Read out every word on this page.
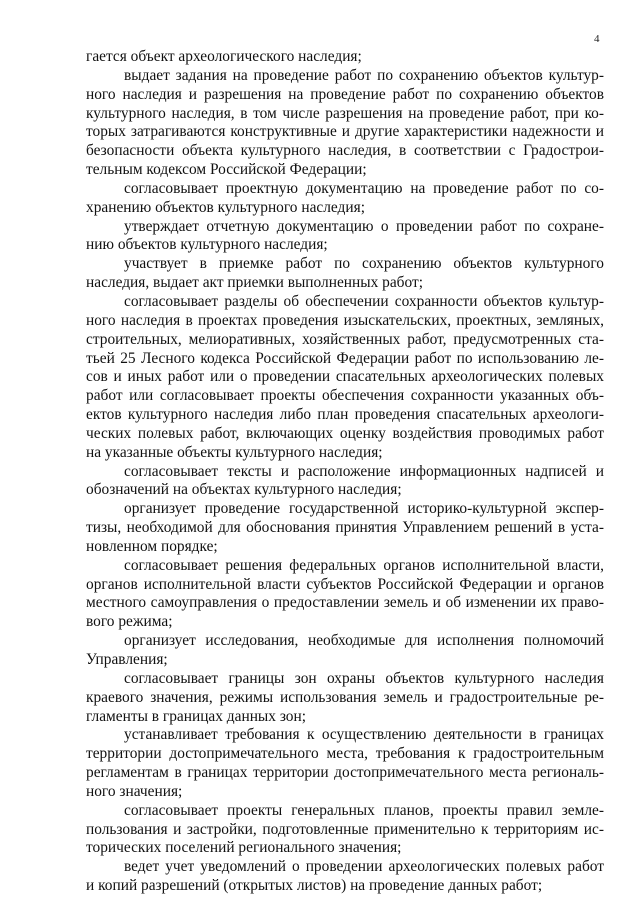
4
гается объект археологического наследия;
выдает задания на проведение работ по сохранению объектов культур-
ного наследия и разрешения на проведение работ по сохранению объектов
культурного наследия, в том числе разрешения на проведение работ, при ко-
торых затрагиваются конструктивные и другие характеристики надежности и
безопасности объекта культурного наследия, в соответствии с Градострои-
тельным кодексом Российской Федерации;
согласовывает проектную документацию на проведение работ по со-
хранению объектов культурного наследия;
утверждает отчетную документацию о проведении работ по сохране-
нию объектов культурного наследия;
участвует в приемке работ по сохранению объектов культурного
наследия, выдает акт приемки выполненных работ;
согласовывает разделы об обеспечении сохранности объектов культур-
ного наследия в проектах проведения изыскательских, проектных, земляных,
строительных, мелиоративных, хозяйственных работ, предусмотренных ста-
тьей 25 Лесного кодекса Российской Федерации работ по использованию ле-
сов и иных работ или о проведении спасательных археологических полевых
работ или согласовывает проекты обеспечения сохранности указанных объ-
ектов культурного наследия либо план проведения спасательных археологи-
ческих полевых работ, включающих оценку воздействия проводимых работ
на указанные объекты культурного наследия;
согласовывает тексты и расположение информационных надписей и
обозначений на объектах культурного наследия;
организует проведение государственной историко-культурной экспер-
тизы, необходимой для обоснования принятия Управлением решений в уста-
новленном порядке;
согласовывает решения федеральных органов исполнительной власти,
органов исполнительной власти субъектов Российской Федерации и органов
местного самоуправления о предоставлении земель и об изменении их право-
вого режима;
организует исследования, необходимые для исполнения полномочий
Управления;
согласовывает границы зон охраны объектов культурного наследия
краевого значения, режимы использования земель и градостроительные ре-
гламенты в границах данных зон;
устанавливает требования к осуществлению деятельности в границах
территории достопримечательного места, требования к градостроительным
регламентам в границах территории достопримечательного места региональ-
ного значения;
согласовывает проекты генеральных планов, проекты правил земле-
пользования и застройки, подготовленные применительно к территориям ис-
торических поселений регионального значения;
ведет учет уведомлений о проведении археологических полевых работ
и копий разрешений (открытых листов) на проведение данных работ;
